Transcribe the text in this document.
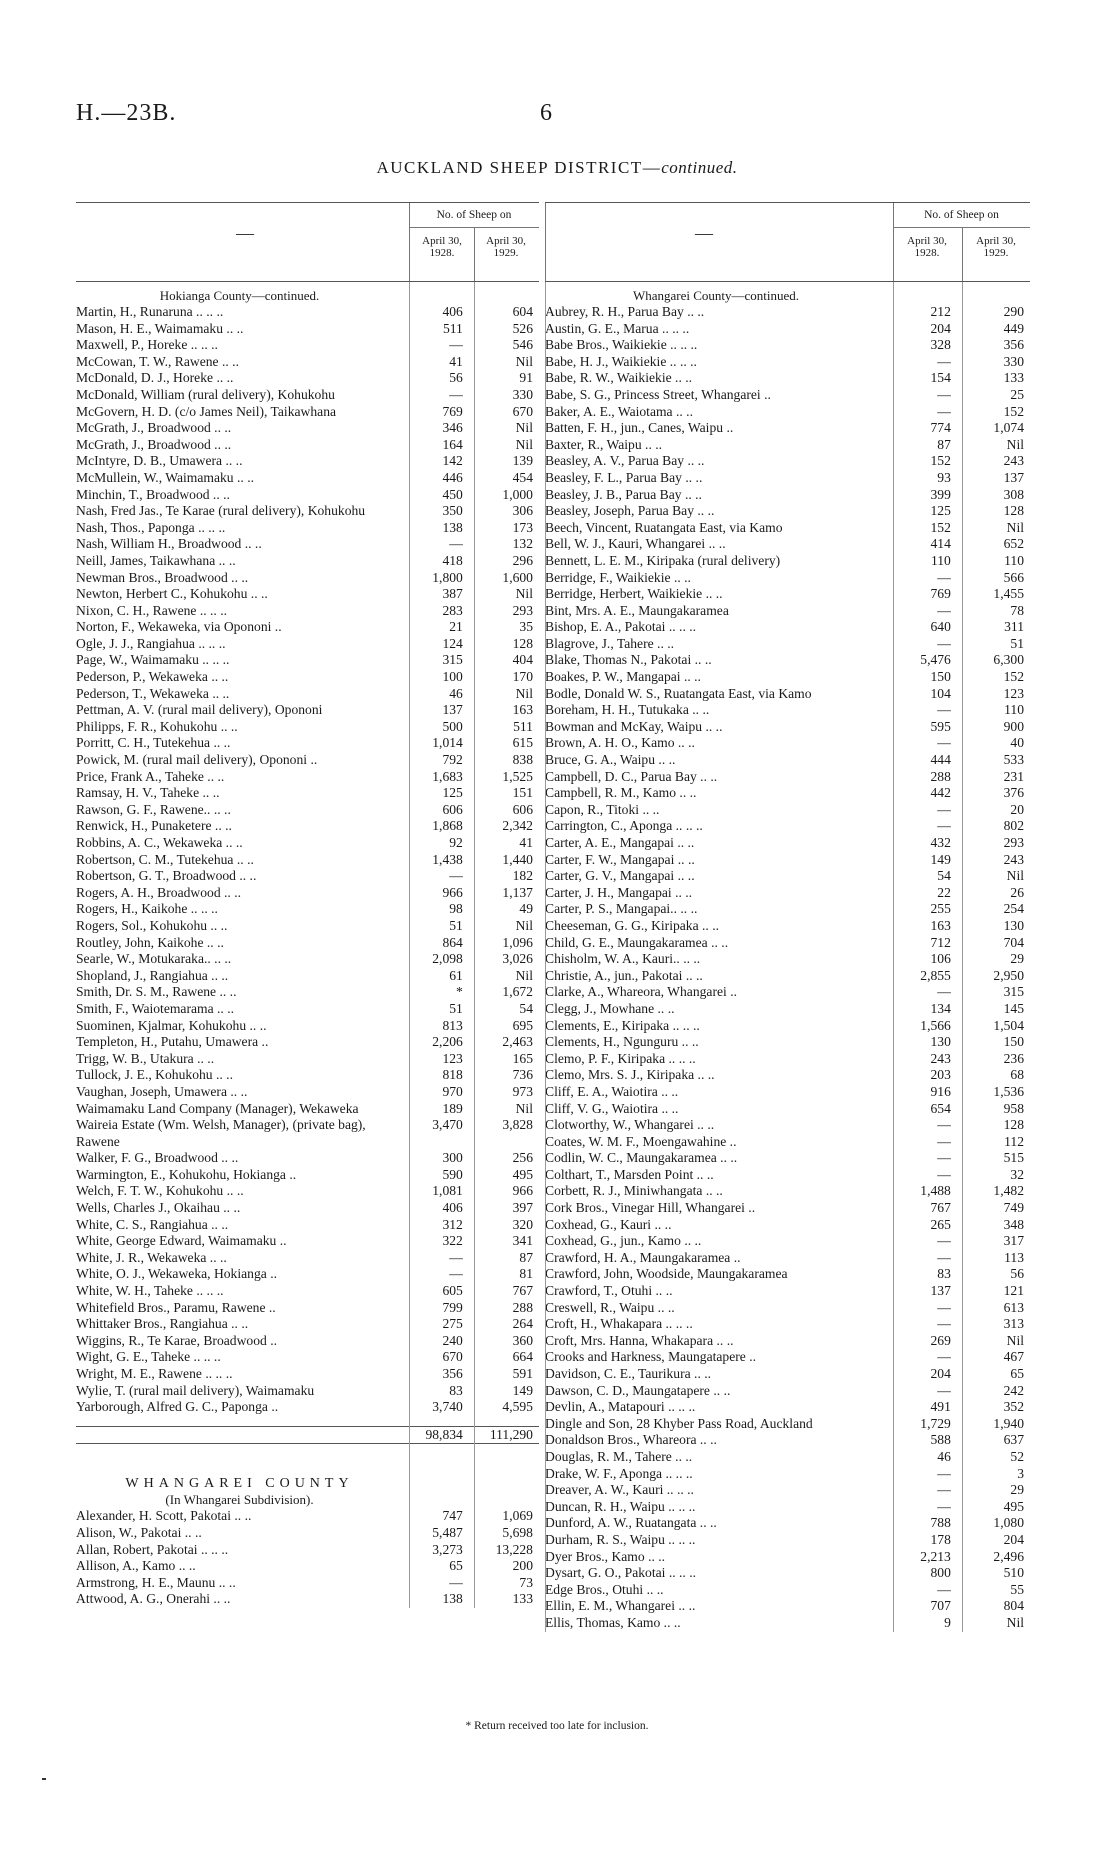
H.—23B.	6
AUCKLAND SHEEP DISTRICT—continued.
—
No. of Sheep on
April 30, 1928.
April 30, 1929.
Hokianga County—continued.
Martin, H., Runaruna .. .. ..	406	604
Mason, H. E., Waimamaku .. ..	511	526
Maxwell, P., Horeke .. .. ..	—	546
McCowan, T. W., Rawene .. ..	41	Nil
McDonald, D. J., Horeke .. ..	56	91
McDonald, William (rural delivery), Kohukohu	—	330
McGovern, H. D. (c/o James Neil), Taikawhana	769	670
McGrath, J., Broadwood .. ..	346	Nil
McGrath, J., Broadwood .. ..	164	Nil
McIntyre, D. B., Umawera .. ..	142	139
McMullein, W., Waimamaku .. ..	446	454
Minchin, T., Broadwood .. ..	450	1,000
Nash, Fred Jas., Te Karae (rural delivery), Kohukohu	350	306
Nash, Thos., Paponga .. .. ..	138	173
Nash, William H., Broadwood .. ..	—	132
Neill, James, Taikawhana .. ..	418	296
Newman Bros., Broadwood .. ..	1,800	1,600
Newton, Herbert C., Kohukohu .. ..	387	Nil
Nixon, C. H., Rawene .. .. ..	283	293
Norton, F., Wekaweka, via Opononi ..	21	35
Ogle, J. J., Rangiahua .. .. ..	124	128
Page, W., Waimamaku .. .. ..	315	404
Pederson, P., Wekaweka .. ..	100	170
Pederson, T., Wekaweka .. ..	46	Nil
Pettman, A. V. (rural mail delivery), Opononi	137	163
Philipps, F. R., Kohukohu .. ..	500	511
Porritt, C. H., Tutekehua .. ..	1,014	615
Powick, M. (rural mail delivery), Opononi ..	792	838
Price, Frank A., Taheke .. ..	1,683	1,525
Ramsay, H. V., Taheke .. ..	125	151
Rawson, G. F., Rawene.. .. ..	606	606
Renwick, H., Punaketere .. ..	1,868	2,342
Robbins, A. C., Wekaweka .. ..	92	41
Robertson, C. M., Tutekehua .. ..	1,438	1,440
Robertson, G. T., Broadwood .. ..	—	182
Rogers, A. H., Broadwood .. ..	966	1,137
Rogers, H., Kaikohe .. .. ..	98	49
Rogers, Sol., Kohukohu .. ..	51	Nil
Routley, John, Kaikohe .. ..	864	1,096
Searle, W., Motukaraka.. .. ..	2,098	3,026
Shopland, J., Rangiahua .. ..	61	Nil
Smith, Dr. S. M., Rawene .. ..	*	1,672
Smith, F., Waiotemarama .. ..	51	54
Suominen, Kjalmar, Kohukohu .. ..	813	695
Templeton, H., Putahu, Umawera ..	2,206	2,463
Trigg, W. B., Utakura .. ..	123	165
Tullock, J. E., Kohukohu .. ..	818	736
Vaughan, Joseph, Umawera .. ..	970	973
Waimamaku Land Company (Manager), Wekaweka	189	Nil
Waireia Estate (Wm. Welsh, Manager), (private bag), Rawene
3,470	3,828
Walker, F. G., Broadwood .. ..	300	256
Warmington, E., Kohukohu, Hokianga ..	590	495
Welch, F. T. W., Kohukohu .. ..	1,081	966
Wells, Charles J., Okaihau .. ..	406	397
White, C. S., Rangiahua .. ..	312	320
White, George Edward, Waimamaku ..	322	341
White, J. R., Wekaweka .. ..	—	87
White, O. J., Wekaweka, Hokianga ..	—	81
White, W. H., Taheke .. .. ..	605	767
Whitefield Bros., Paramu, Rawene ..	799	288
Whittaker Bros., Rangiahua .. ..	275	264
Wiggins, R., Te Karae, Broadwood ..	240	360
Wight, G. E., Taheke .. .. ..	670	664
Wright, M. E., Rawene .. .. ..	356	591
Wylie, T. (rural mail delivery), Waimamaku	83	149
Yarborough, Alfred G. C., Paponga ..	3,740	4,595
98,834	111,290
WHANGAREI COUNTY
(In Whangarei Subdivision).
Alexander, H. Scott, Pakotai .. ..	747	1,069
Alison, W., Pakotai .. ..	5,487	5,698
Allan, Robert, Pakotai .. .. ..	3,273	13,228
Allison, A., Kamo .. ..	65	200
Armstrong, H. E., Maunu .. ..	—	73
Attwood, A. G., Onerahi .. ..	138	133
—
No. of Sheep on
April 30, 1928.
April 30, 1929.
Whangarei County—continued.
Aubrey, R. H., Parua Bay .. ..	212	290
Austin, G. E., Marua .. .. ..	204	449
Babe Bros., Waikiekie .. .. ..	328	356
Babe, H. J., Waikiekie .. .. ..	—	330
Babe, R. W., Waikiekie .. ..	154	133
Babe, S. G., Princess Street, Whangarei ..	—	25
Baker, A. E., Waiotama .. ..	—	152
Batten, F. H., jun., Canes, Waipu ..	774	1,074
Baxter, R., Waipu .. ..	87	Nil
Beasley, A. V., Parua Bay .. ..	152	243
Beasley, F. L., Parua Bay .. ..	93	137
Beasley, J. B., Parua Bay .. ..	399	308
Beasley, Joseph, Parua Bay .. ..	125	128
Beech, Vincent, Ruatangata East, via Kamo	152	Nil
Bell, W. J., Kauri, Whangarei .. ..	414	652
Bennett, L. E. M., Kiripaka (rural delivery)	110	110
Berridge, F., Waikiekie .. ..	—	566
Berridge, Herbert, Waikiekie .. ..	769	1,455
Bint, Mrs. A. E., Maungakaramea	—	78
Bishop, E. A., Pakotai .. .. ..	640	311
Blagrove, J., Tahere .. ..	—	51
Blake, Thomas N., Pakotai .. ..	5,476	6,300
Boakes, P. W., Mangapai .. ..	150	152
Bodle, Donald W. S., Ruatangata East, via Kamo	104	123
Boreham, H. H., Tutukaka .. ..	—	110
Bowman and McKay, Waipu .. ..	595	900
Brown, A. H. O., Kamo .. ..	—	40
Bruce, G. A., Waipu .. ..	444	533
Campbell, D. C., Parua Bay .. ..	288	231
Campbell, R. M., Kamo .. ..	442	376
Capon, R., Titoki .. ..	—	20
Carrington, C., Aponga .. .. ..	—	802
Carter, A. E., Mangapai .. ..	432	293
Carter, F. W., Mangapai .. ..	149	243
Carter, G. V., Mangapai .. ..	54	Nil
Carter, J. H., Mangapai .. ..	22	26
Carter, P. S., Mangapai.. .. ..	255	254
Cheeseman, G. G., Kiripaka .. ..	163	130
Child, G. E., Maungakaramea .. ..	712	704
Chisholm, W. A., Kauri.. .. ..	106	29
Christie, A., jun., Pakotai .. ..	2,855	2,950
Clarke, A., Whareora, Whangarei ..	—	315
Clegg, J., Mowhane .. ..	134	145
Clements, E., Kiripaka .. .. ..	1,566	1,504
Clements, H., Ngunguru .. ..	130	150
Clemo, P. F., Kiripaka .. .. ..	243	236
Clemo, Mrs. S. J., Kiripaka .. ..	203	68
Cliff, E. A., Waiotira .. ..	916	1,536
Cliff, V. G., Waiotira .. ..	654	958
Clotworthy, W., Whangarei .. ..	—	128
Coates, W. M. F., Moengawahine ..	—	112
Codlin, W. C., Maungakaramea .. ..	—	515
Colthart, T., Marsden Point .. ..	—	32
Corbett, R. J., Miniwhangata .. ..	1,488	1,482
Cork Bros., Vinegar Hill, Whangarei ..	767	749
Coxhead, G., Kauri .. ..	265	348
Coxhead, G., jun., Kamo .. ..	—	317
Crawford, H. A., Maungakaramea ..	—	113
Crawford, John, Woodside, Maungakaramea	83	56
Crawford, T., Otuhi .. ..	137	121
Creswell, R., Waipu .. ..	—	613
Croft, H., Whakapara .. .. ..	—	313
Croft, Mrs. Hanna, Whakapara .. ..	269	Nil
Crooks and Harkness, Maungatapere ..	—	467
Davidson, C. E., Taurikura .. ..	204	65
Dawson, C. D., Maungatapere .. ..	—	242
Devlin, A., Matapouri .. .. ..	491	352
Dingle and Son, 28 Khyber Pass Road, Auckland	1,729	1,940
Donaldson Bros., Whareora .. ..	588	637
Douglas, R. M., Tahere .. ..	46	52
Drake, W. F., Aponga .. .. ..	—	3
Dreaver, A. W., Kauri .. .. ..	—	29
Duncan, R. H., Waipu .. .. ..	—	495
Dunford, A. W., Ruatangata .. ..	788	1,080
Durham, R. S., Waipu .. .. ..	178	204
Dyer Bros., Kamo .. ..	2,213	2,496
Dysart, G. O., Pakotai .. .. ..	800	510
Edge Bros., Otuhi .. ..	—	55
Ellin, E. M., Whangarei .. ..	707	804
Ellis, Thomas, Kamo .. ..	9	Nil
* Return received too late for inclusion.
